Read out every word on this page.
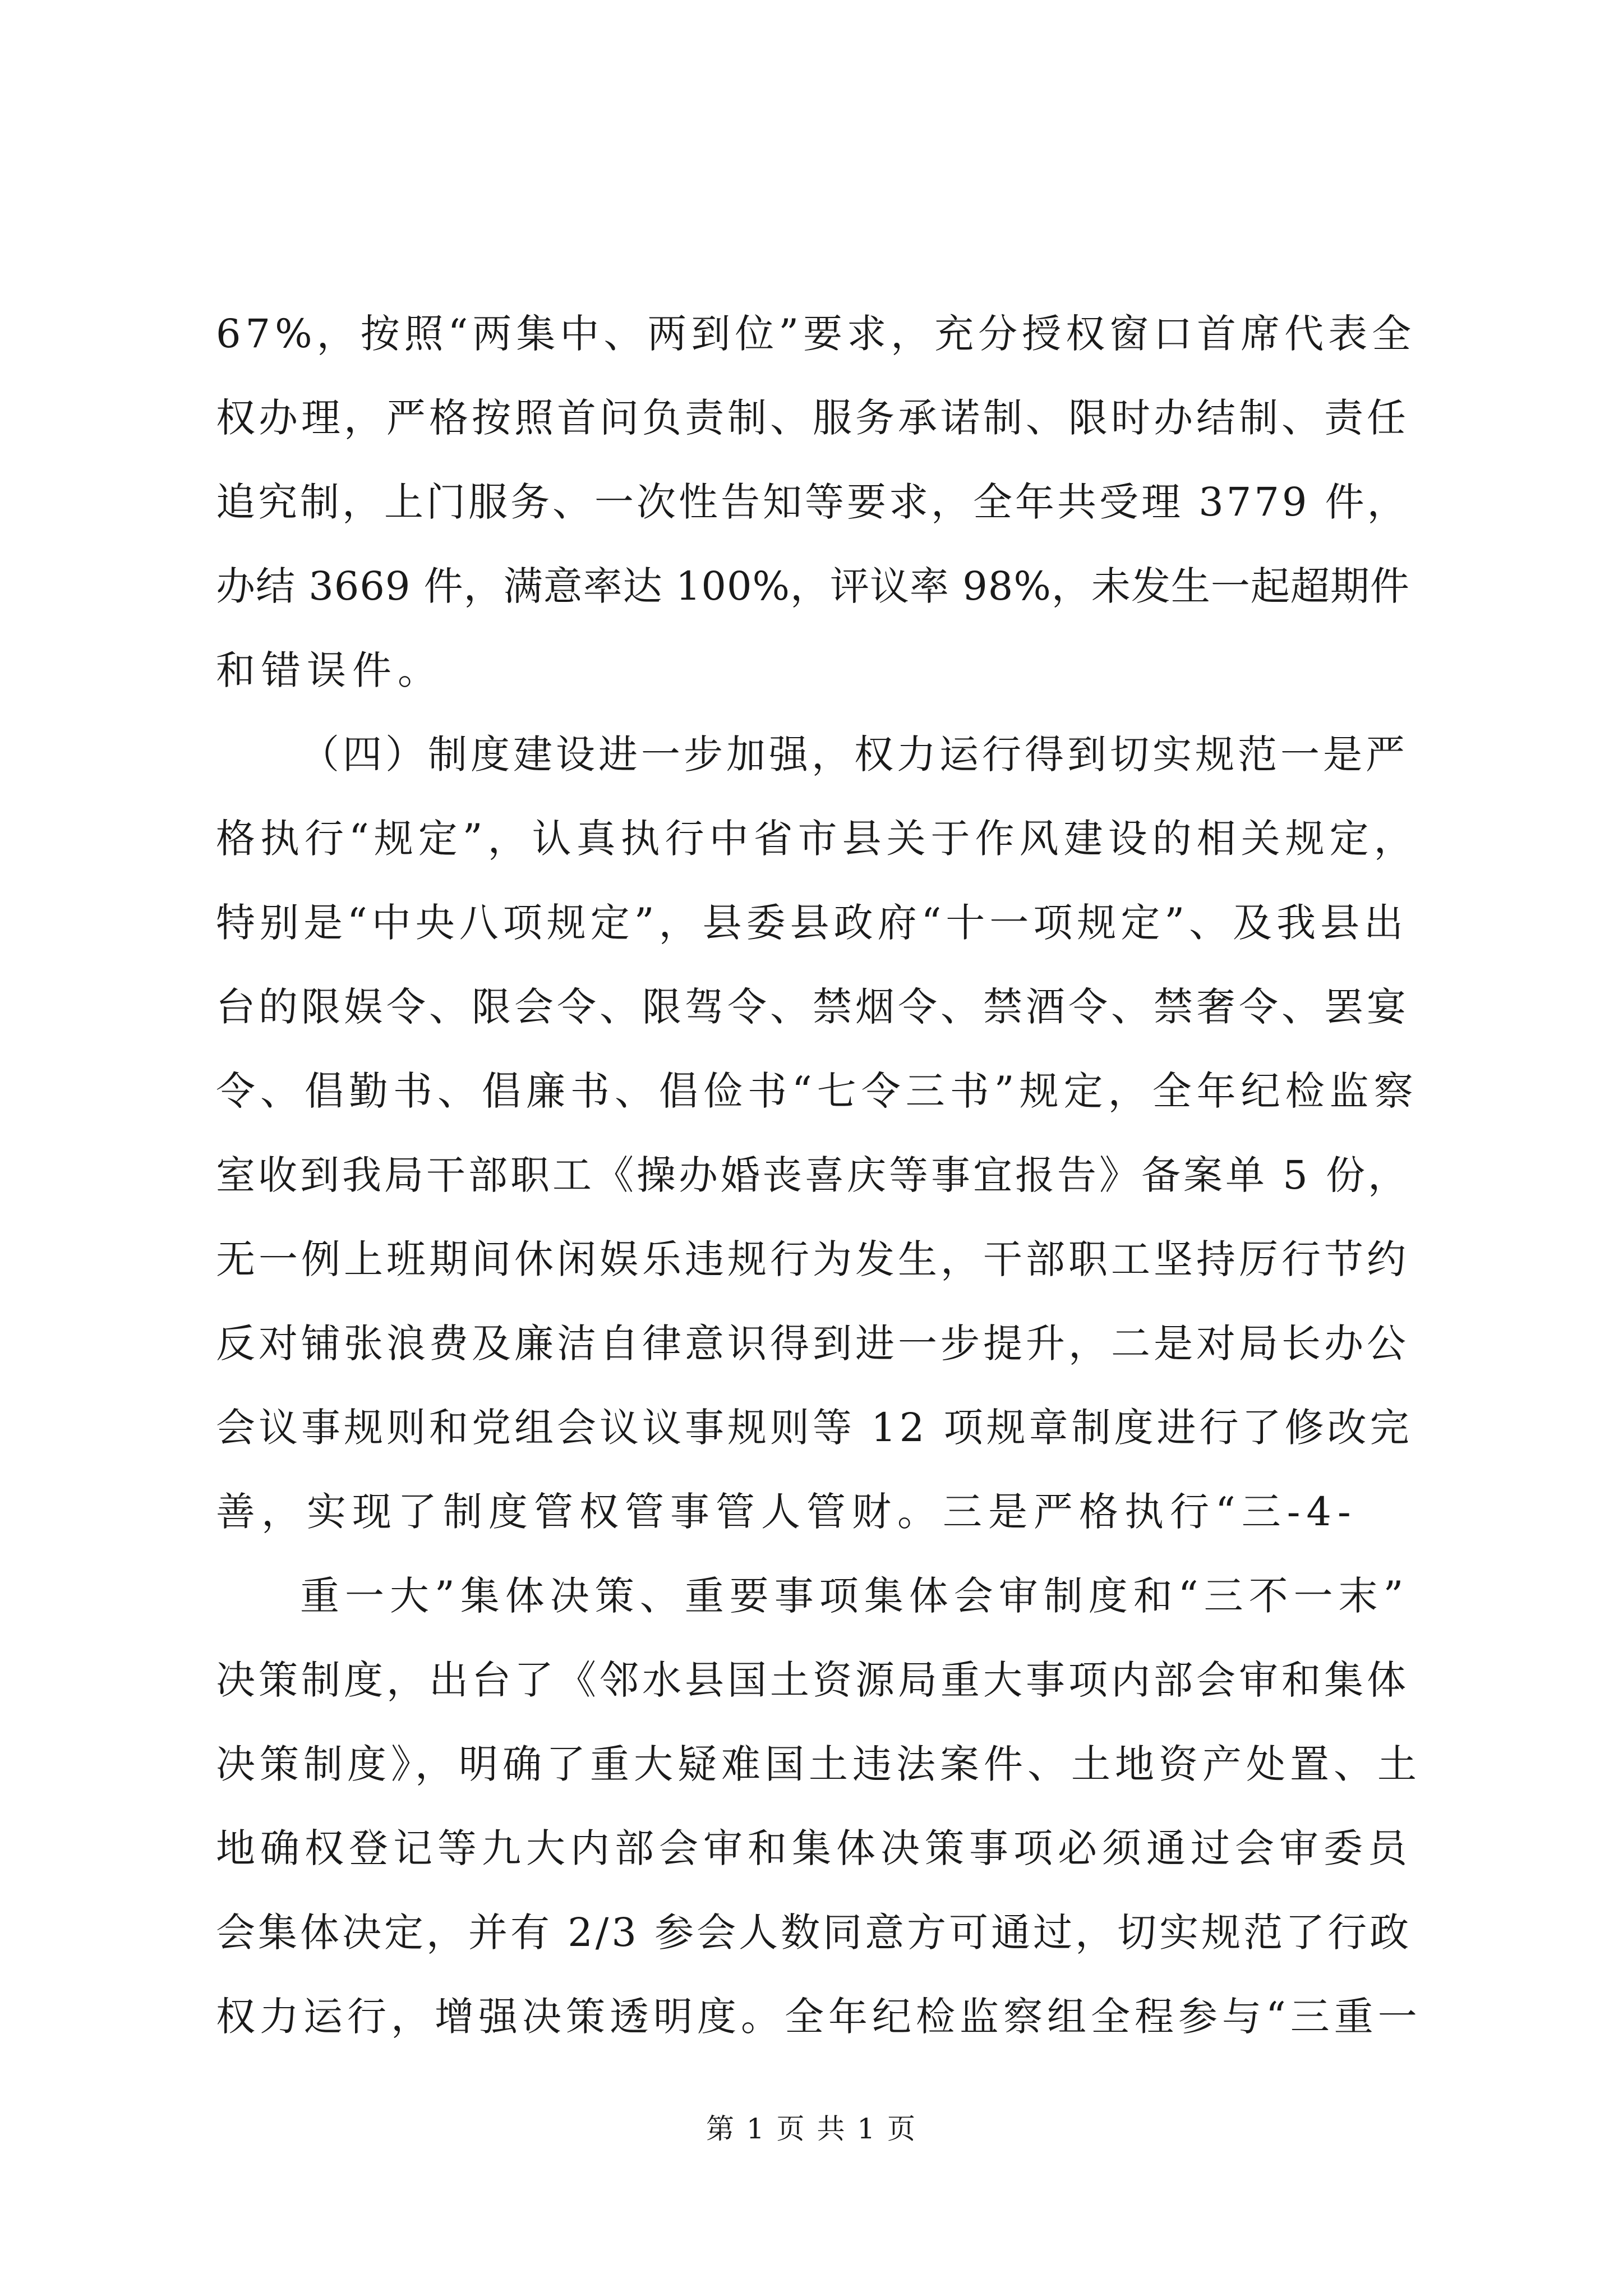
67%，按照“两集中、两到位”要求，充分授权窗口首席代表全
权办理，严格按照首问负责制、服务承诺制、限时办结制、责任
追究制，上门服务、一次性告知等要求，全年共受理 3779 件，
办结 3669 件，满意率达 100%，评议率 98%，未发生一起超期件
和错误件。
（四）制度建设进一步加强，权力运行得到切实规范一是严
格执行“规定”，认真执行中省市县关于作风建设的相关规定，
特别是“中央八项规定”，县委县政府“十一项规定”、及我县出
台的限娱令、限会令、限驾令、禁烟令、禁酒令、禁奢令、罢宴
令、倡勤书、倡廉书、倡俭书“七令三书”规定，全年纪检监察
室收到我局干部职工《操办婚丧喜庆等事宜报告》备案单 5 份，
无一例上班期间休闲娱乐违规行为发生，干部职工坚持厉行节约
反对铺张浪费及廉洁自律意识得到进一步提升，二是对局长办公
会议事规则和党组会议议事规则等 12 项规章制度进行了修改完
善，实现了制度管权管事管人管财。三是严格执行“三-4-
重一大”集体决策、重要事项集体会审制度和“三不一末”
决策制度，出台了《邻水县国土资源局重大事项内部会审和集体
决策制度》，明确了重大疑难国土违法案件、土地资产处置、土
地确权登记等九大内部会审和集体决策事项必须通过会审委员
会集体决定，并有 2/3 参会人数同意方可通过，切实规范了行政
权力运行，增强决策透明度。全年纪检监察组全程参与“三重一
第 1 页 共 1 页
